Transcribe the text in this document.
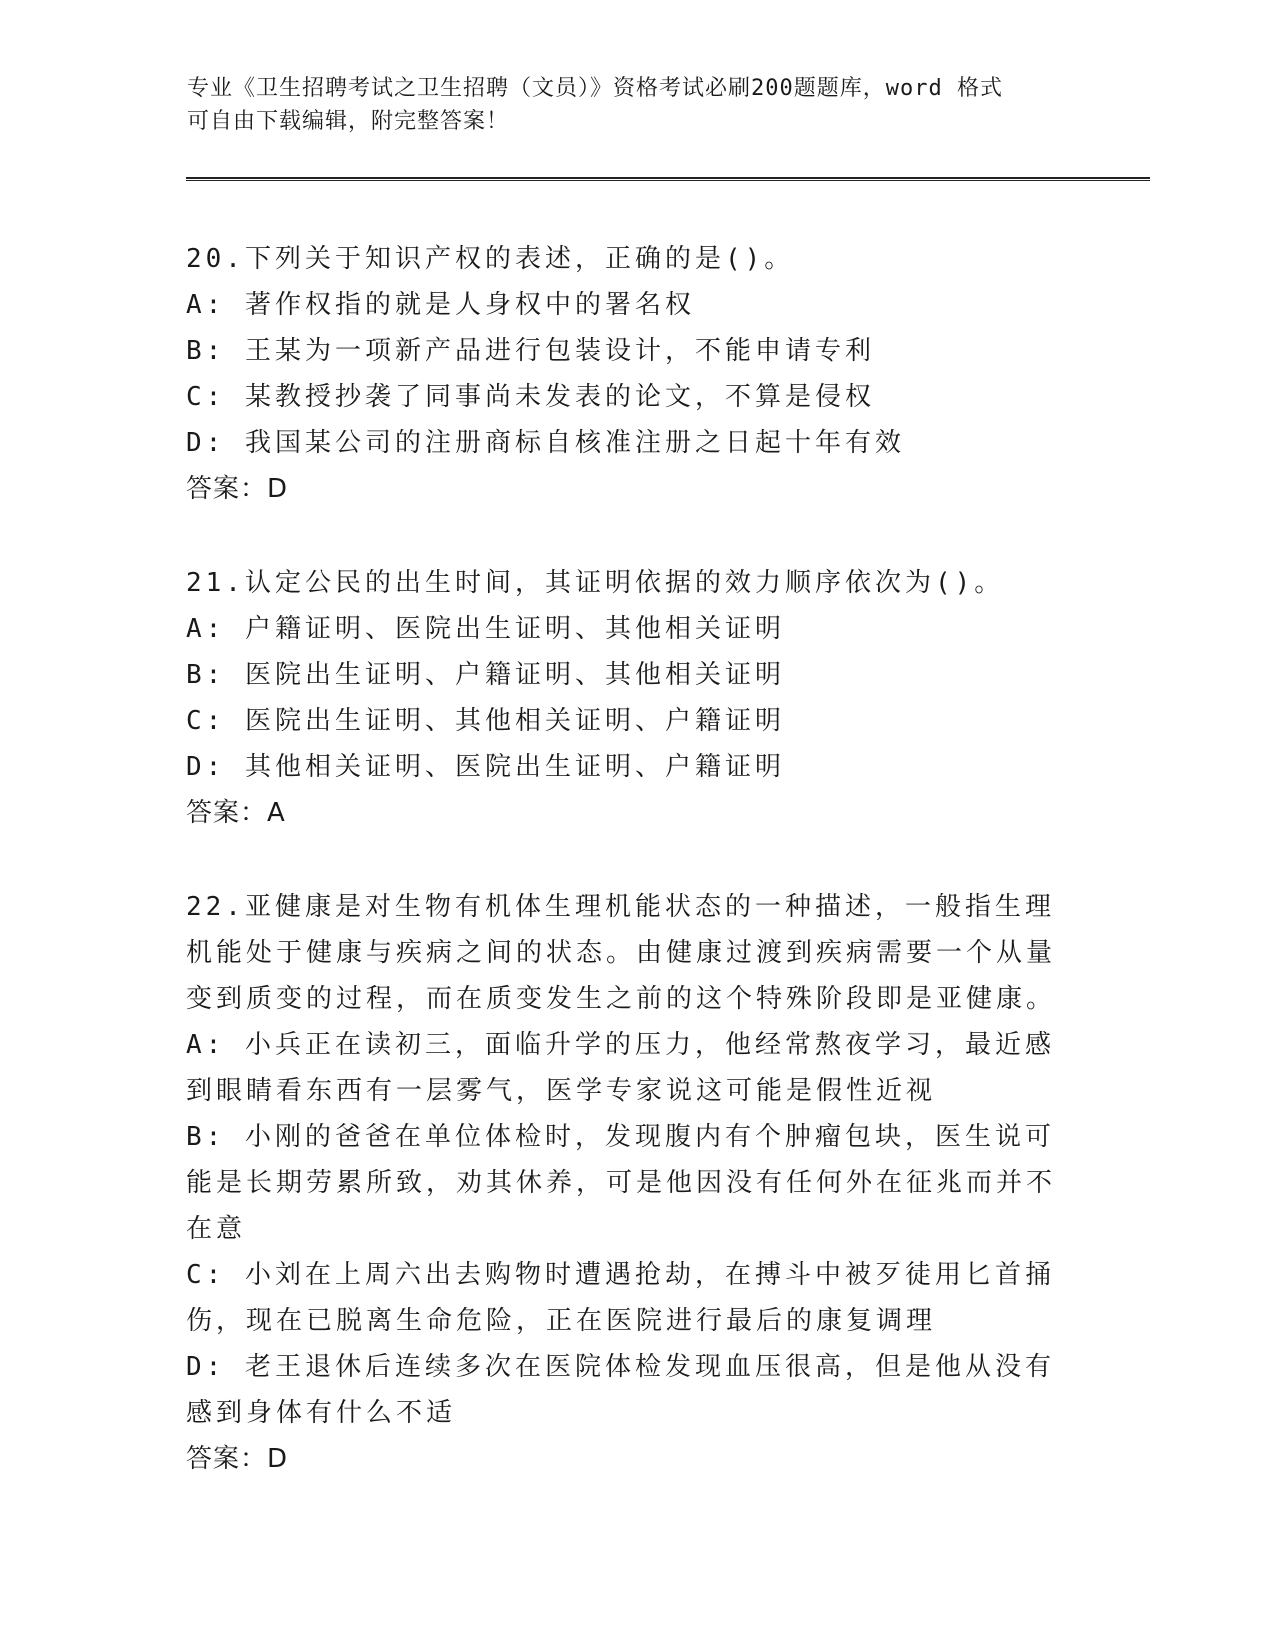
专业《卫生招聘考试之卫生招聘（文员）》资格考试必刷200题题库，word 格式
可自由下载编辑，附完整答案！
20.下列关于知识产权的表述，正确的是()。
A: 著作权指的就是人身权中的署名权
B: 王某为一项新产品进行包装设计，不能申请专利
C: 某教授抄袭了同事尚未发表的论文，不算是侵权
D: 我国某公司的注册商标自核准注册之日起十年有效
答案：D
21.认定公民的出生时间，其证明依据的效力顺序依次为()。
A: 户籍证明、医院出生证明、其他相关证明
B: 医院出生证明、户籍证明、其他相关证明
C: 医院出生证明、其他相关证明、户籍证明
D: 其他相关证明、医院出生证明、户籍证明
答案：A
22.亚健康是对生物有机体生理机能状态的一种描述，一般指生理机能处于健康与疾病之间的状态。由健康过渡到疾病需要一个从量变到质变的过程，而在质变发生之前的这个特殊阶段即是亚健康。
A: 小兵正在读初三，面临升学的压力，他经常熬夜学习，最近感到眼睛看东西有一层雾气，医学专家说这可能是假性近视
B: 小刚的爸爸在单位体检时，发现腹内有个肿瘤包块，医生说可能是长期劳累所致，劝其休养，可是他因没有任何外在征兆而并不在意
C: 小刘在上周六出去购物时遭遇抢劫，在搏斗中被歹徒用匕首捅伤，现在已脱离生命危险，正在医院进行最后的康复调理
D: 老王退休后连续多次在医院体检发现血压很高，但是他从没有感到身体有什么不适
答案：D
